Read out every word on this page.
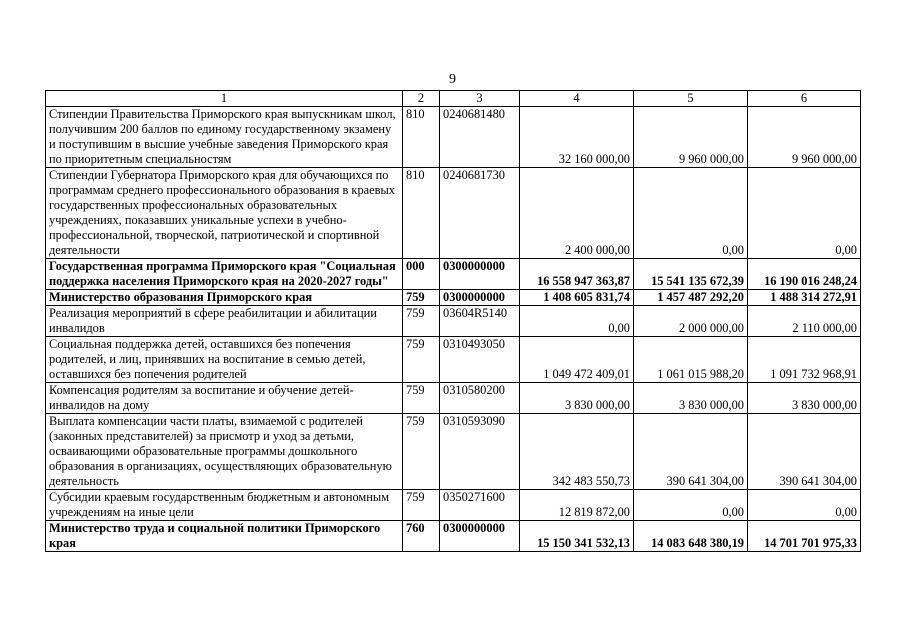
9
1	2	3	4	5	6
Стипендии Правительства Приморского края выпускникам школ, получившим 200 баллов по единому государственному экзамену и поступившим в высшие учебные заведения Приморского края по приоритетным специальностям	810	0240681480	32 160 000,00	9 960 000,00	9 960 000,00
Стипендии Губернатора Приморского края для обучающихся по программам среднего профессионального образования в краевых государственных профессиональных образовательных учреждениях, показавших уникальные успехи в учебно-профессиональной, творческой, патриотической и спортивной деятельности	810	0240681730	2 400 000,00	0,00	0,00
Государственная программа Приморского края "Социальная поддержка населения Приморского края на 2020-2027 годы"	000	0300000000	16 558 947 363,87	15 541 135 672,39	16 190 016 248,24
Министерство образования Приморского края	759	0300000000	1 408 605 831,74	1 457 487 292,20	1 488 314 272,91
Реализация мероприятий в сфере реабилитации и абилитации инвалидов	759	03604R5140	0,00	2 000 000,00	2 110 000,00
Социальная поддержка детей, оставшихся без попечения родителей, и лиц, принявших на воспитание в семью детей, оставшихся без попечения родителей	759	0310493050	1 049 472 409,01	1 061 015 988,20	1 091 732 968,91
Компенсация родителям за воспитание и обучение детей-инвалидов на дому	759	0310580200	3 830 000,00	3 830 000,00	3 830 000,00
Выплата компенсации части платы, взимаемой с родителей (законных представителей) за присмотр и уход за детьми, осваивающими образовательные программы дошкольного образования в организациях, осуществляющих образовательную деятельность	759	0310593090	342 483 550,73	390 641 304,00	390 641 304,00
Субсидии краевым государственным бюджетным и автономным учреждениям на иные цели	759	0350271600	12 819 872,00	0,00	0,00
Министерство труда и социальной политики Приморского края	760	0300000000	15 150 341 532,13	14 083 648 380,19	14 701 701 975,33
